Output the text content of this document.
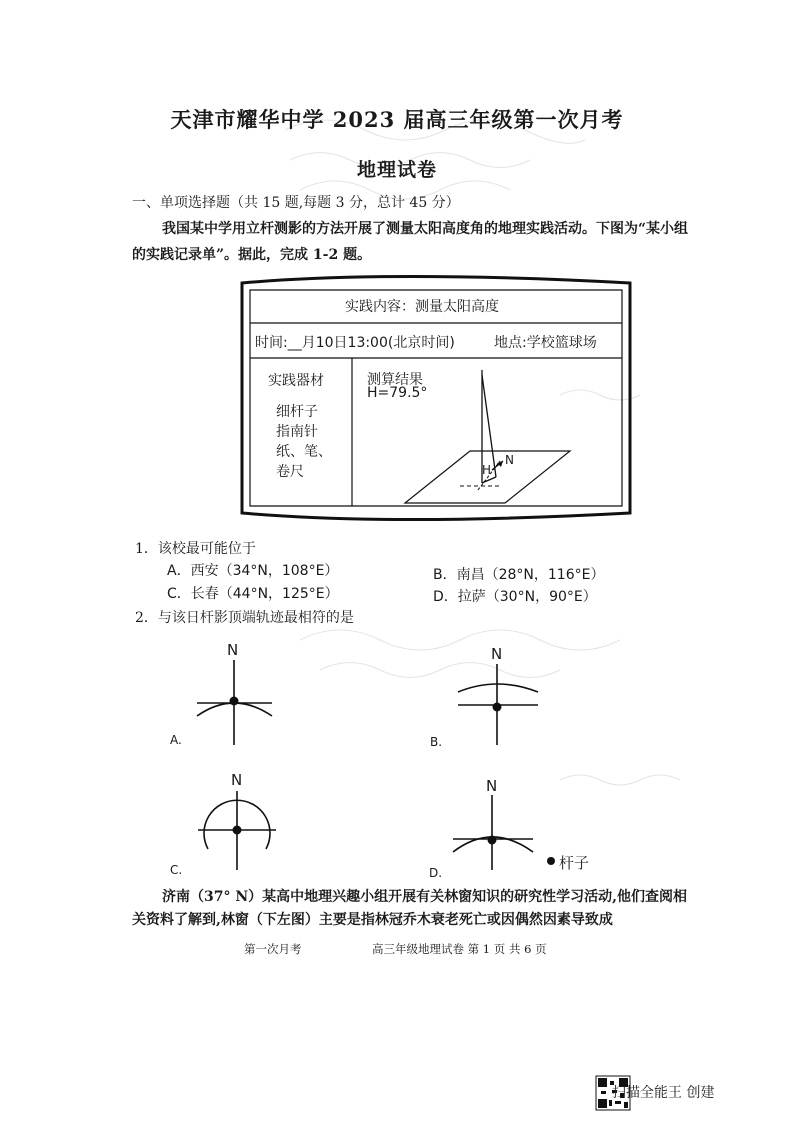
天津市耀华中学 2023 届高三年级第一次月考
地理试卷
一、单项选择题（共 15 题,每题 3 分，总计 45 分）
我国某中学用立杆测影的方法开展了测量太阳高度角的地理实践活动。下图为“某小组的实践记录单”。据此，完成 1-2 题。
实践内容：测量太阳高度
时间:__月10日13:00(北京时间)	地点:学校篮球场
实践器材
细杆子
指南针
纸、笔、
卷尺
测算结果
H=79.5°
N
H
1．该校最可能位于
A．西安（34°N，108°E）	B．南昌（28°N，116°E）
C．长春（44°N，125°E）	D．拉萨（30°N，90°E）
2．与该日杆影顶端轨迹最相符的是
N
A.
N
B.
N
C.
N
D.
杆子
济南（37° N）某高中地理兴趣小组开展有关林窗知识的研究性学习活动,他们查阅相关资料了解到,林窗（下左图）主要是指林冠乔木衰老死亡或因偶然因素导致成
第一次月考	高三年级地理试卷 第 1 页 共 6 页
扫描全能王 创建
